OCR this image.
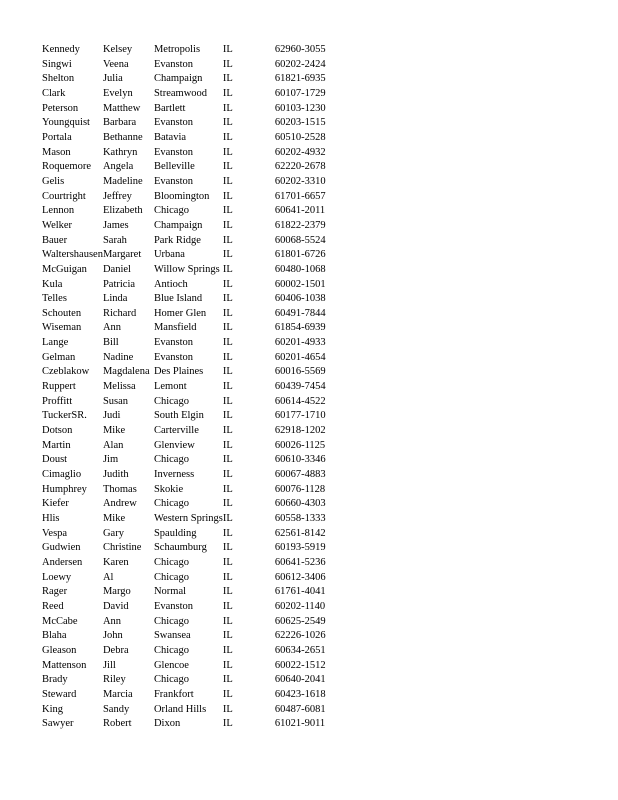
Kennedy	Kelsey	Metropolis	IL	62960-3055
Singwi	Veena	Evanston	IL	60202-2424
Shelton	Julia	Champaign	IL	61821-6935
Clark	Evelyn	Streamwood	IL	60107-1729
Peterson	Matthew	Bartlett	IL	60103-1230
Youngquist	Barbara	Evanston	IL	60203-1515
Portala	Bethanne	Batavia	IL	60510-2528
Mason	Kathryn	Evanston	IL	60202-4932
Roquemore	Angela	Belleville	IL	62220-2678
Gelis	Madeline	Evanston	IL	60202-3310
Courtright	Jeffrey	Bloomington	IL	61701-6657
Lennon	Elizabeth	Chicago	IL	60641-2011
Welker	James	Champaign	IL	61822-2379
Bauer	Sarah	Park Ridge	IL	60068-5524
Waltershausen	Margaret	Urbana	IL	61801-6726
McGuigan	Daniel	Willow Springs	IL	60480-1068
Kula	Patricia	Antioch	IL	60002-1501
Telles	Linda	Blue Island	IL	60406-1038
Schouten	Richard	Homer Glen	IL	60491-7844
Wiseman	Ann	Mansfield	IL	61854-6939
Lange	Bill	Evanston	IL	60201-4933
Gelman	Nadine	Evanston	IL	60201-4654
Czeblakow	Magdalena	Des Plaines	IL	60016-5569
Ruppert	Melissa	Lemont	IL	60439-7454
Proffitt	Susan	Chicago	IL	60614-4522
TuckerSR.	Judi	South Elgin	IL	60177-1710
Dotson	Mike	Carterville	IL	62918-1202
Martin	Alan	Glenview	IL	60026-1125
Doust	Jim	Chicago	IL	60610-3346
Cimaglio	Judith	Inverness	IL	60067-4883
Humphrey	Thomas	Skokie	IL	60076-1128
Kiefer	Andrew	Chicago	IL	60660-4303
Hlis	Mike	Western Springs	IL	60558-1333
Vespa	Gary	Spaulding	IL	62561-8142
Gudwien	Christine	Schaumburg	IL	60193-5919
Andersen	Karen	Chicago	IL	60641-5236
Loewy	Al	Chicago	IL	60612-3406
Rager	Margo	Normal	IL	61761-4041
Reed	David	Evanston	IL	60202-1140
McCabe	Ann	Chicago	IL	60625-2549
Blaha	John	Swansea	IL	62226-1026
Gleason	Debra	Chicago	IL	60634-2651
Mattenson	Jill	Glencoe	IL	60022-1512
Brady	Riley	Chicago	IL	60640-2041
Steward	Marcia	Frankfort	IL	60423-1618
King	Sandy	Orland Hills	IL	60487-6081
Sawyer	Robert	Dixon	IL	61021-9011
